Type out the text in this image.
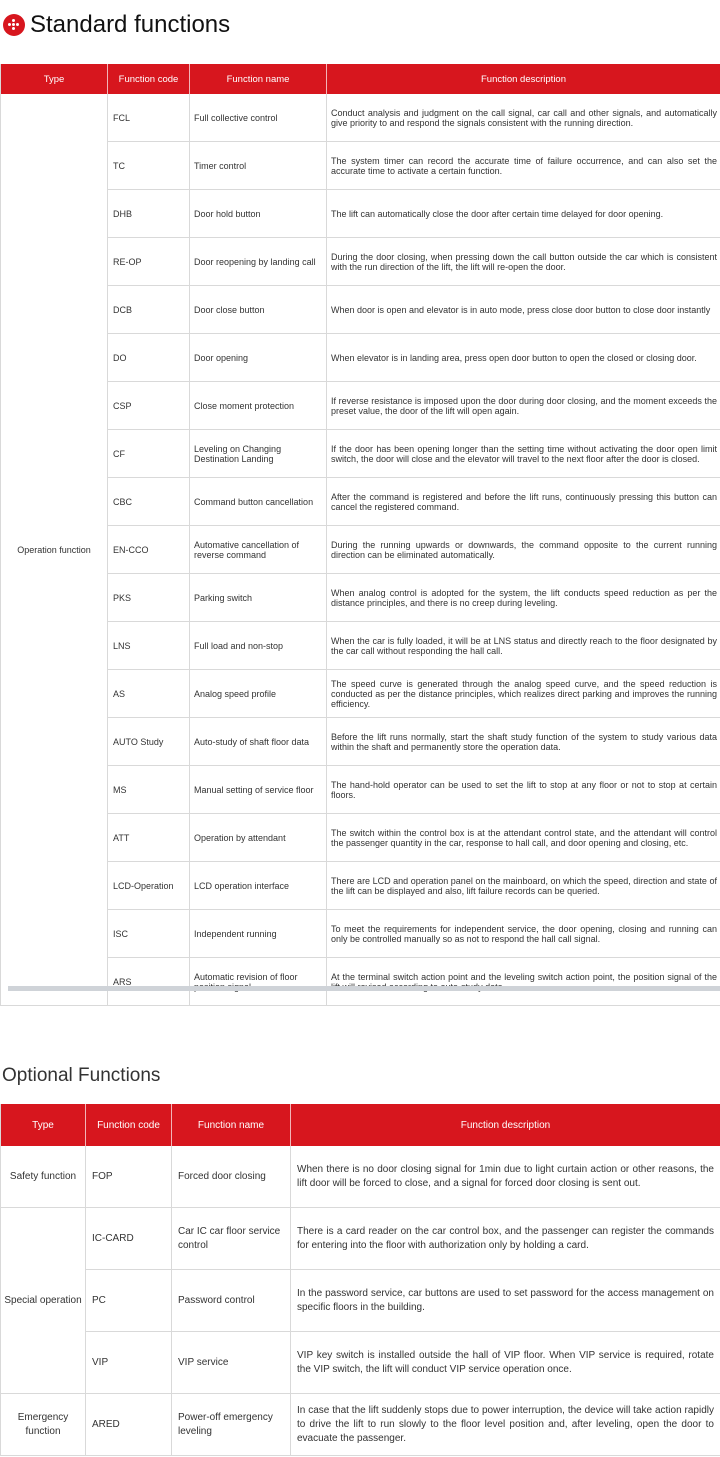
Standard functions
Type	Function code	Function name	Function description
Operation function	FCL	Full collective control	Conduct analysis and judgment on the call signal, car call and other signals, and automatically give priority to and respond the signals consistent with the running direction.
	TC	Timer control	The system timer can record the accurate time of failure occurrence, and can also set the accurate time to activate a certain function.
	DHB	Door hold button	The lift can automatically close the door after certain time delayed for door opening.
	RE-OP	Door reopening by landing call	During the door closing, when pressing down the call button outside the car which is consistent with the run direction of the lift, the lift will re-open the door.
	DCB	Door close button	When door is open and elevator is in auto mode, press close door button to close door instantly
	DO	Door opening	When elevator is in landing area, press open door button to open the closed or closing door.
	CSP	Close moment protection	If reverse resistance is imposed upon the door during door closing, and the moment exceeds the preset value, the door of the lift will open again.
	CF	Leveling on Changing Destination Landing	If the door has been opening longer than the setting time without activating the door open limit switch, the door will close and the elevator will travel to the next floor after the door is closed.
	CBC	Command button cancellation	After the command is registered and before the lift runs, continuously pressing this button can cancel the registered command.
	EN-CCO	Automative cancellation of reverse command	During the running upwards or downwards, the command opposite to the current running direction can be eliminated automatically.
	PKS	Parking switch	When analog control is adopted for the system, the lift conducts speed reduction as per the distance principles, and there is no creep during leveling.
	LNS	Full load and non-stop	When the car is fully loaded, it will be at LNS status and directly reach to the floor designated by the car call without responding the hall call.
	AS	Analog speed profile	The speed curve is generated through the analog speed curve, and the speed reduction is conducted as per the distance principles, which realizes direct parking and improves the running efficiency.
	AUTO Study	Auto-study of shaft floor data	Before the lift runs normally, start the shaft study function of the system to study various data within the shaft and permanently store the operation data.
	MS	Manual setting of service floor	The hand-hold operator can be used to set the lift to stop at any floor or not to stop at certain floors.
	ATT	Operation by attendant	The switch within the control box is at the attendant control state, and the attendant will control the passenger quantity in the car, response to hall call, and door opening and closing, etc.
	LCD-Operation	LCD operation interface	There are LCD and operation panel on the mainboard, on which the speed, direction and state of the lift can be displayed and also, lift failure records can be queried.
	ISC	Independent running	To meet the requirements for independent service, the door opening, closing and running can only be controlled manually so as not to respond the hall call signal.
	ARS	Automatic revision of floor	At the terminal switch action point and the leveling switch action point, the position signal of the
Optional Functions
Type	Function code	Function name	Function description
Safety function	FOP	Forced door closing	When there is no door closing signal for 1min due to light curtain action or other reasons, the lift door will be forced to close, and a signal for forced door closing is sent out.
Special operation	IC-CARD	Car IC car floor service control	There is a card reader on the car control box, and the passenger can register the commands for entering into the floor with authorization only by holding a card.
	PC	Password control	In the password service, car buttons are used to set password for the access management on specific floors in the building.
	VIP	VIP service	VIP key switch is installed outside the hall of VIP floor. When VIP service is required, rotate the VIP switch, the lift will conduct VIP service operation once.
Emergency function	ARED	Power-off emergency leveling	In case that the lift suddenly stops due to power interruption, the device will take action rapidly to drive the lift to run slowly to the floor level position and, after leveling, open the door to evacuate the passenger.
